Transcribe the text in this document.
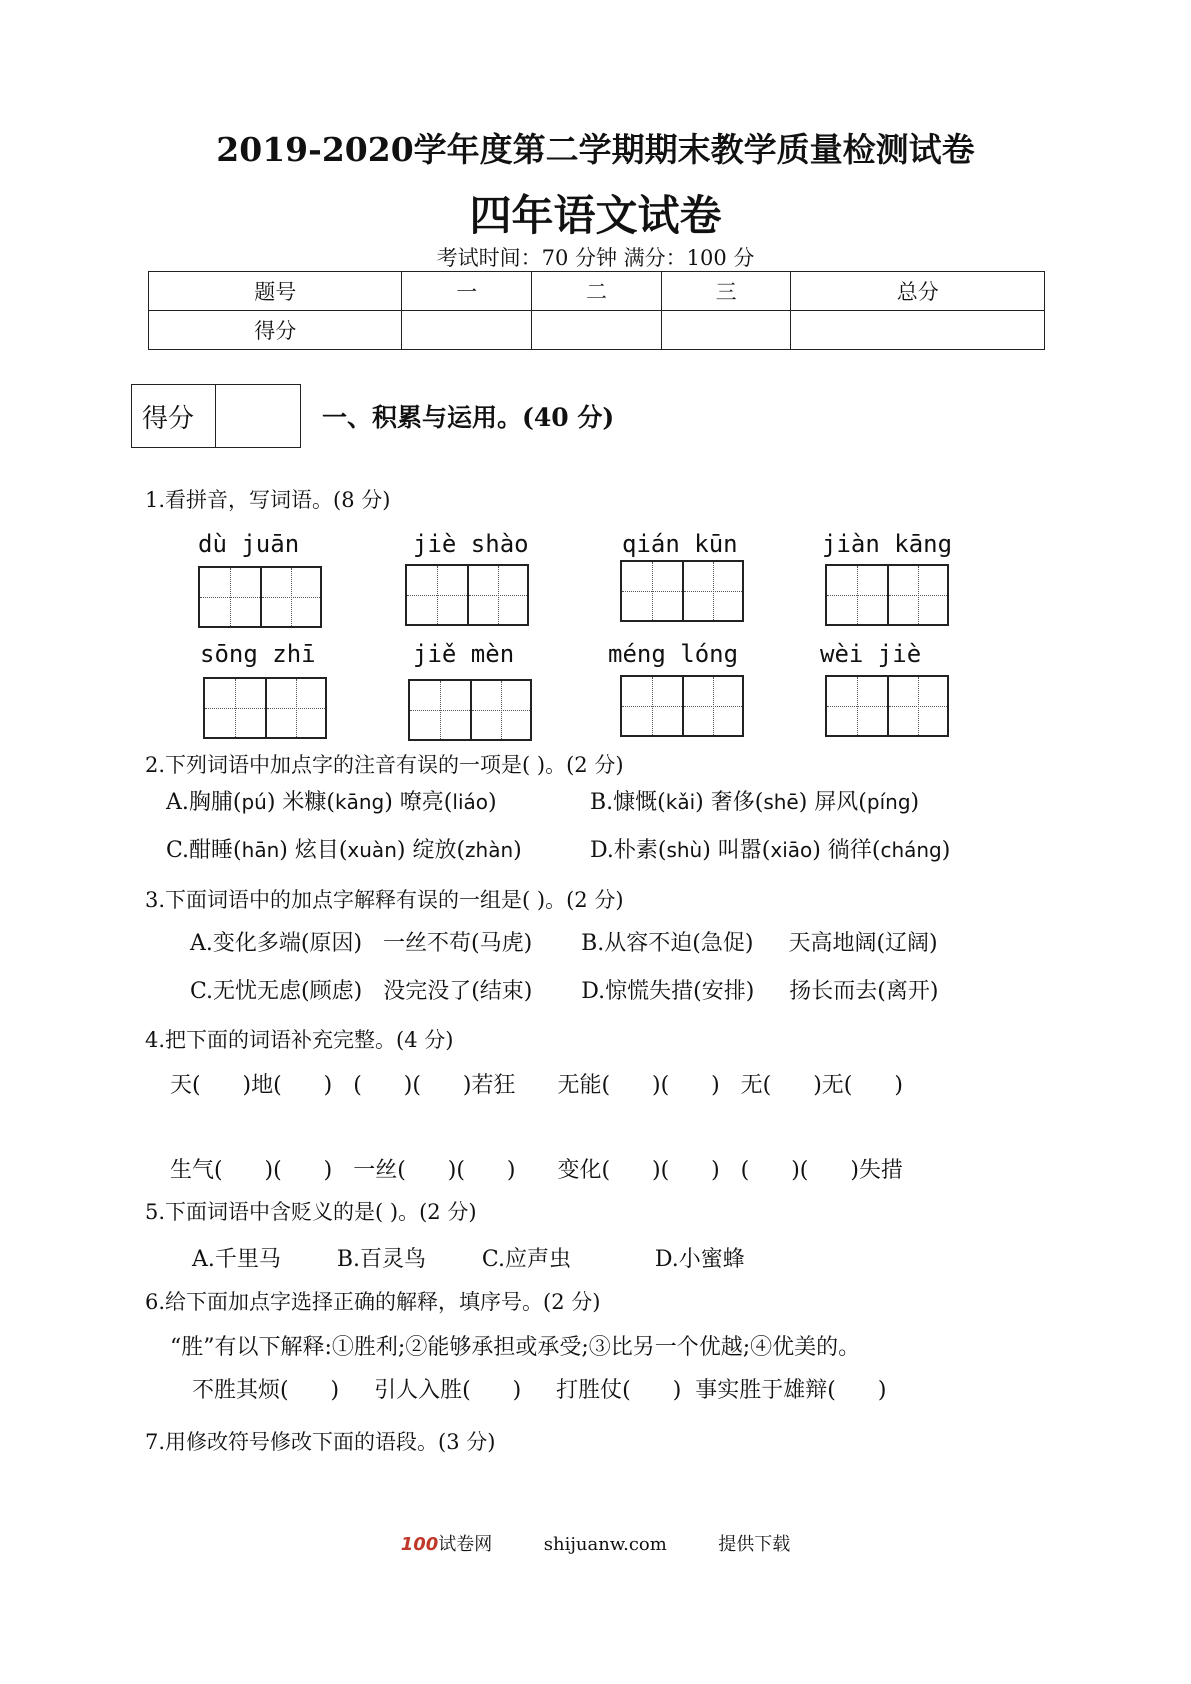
2019-2020学年度第二学期期末教学质量检测试卷
四年语文试卷
考试时间：70 分钟 满分：100 分
题号	一	二	三	总分
得分				
得分	一、积累与运用。(40 分)
1.看拼音，写词语。(8 分)
dù juān	jiè shào	qián kūn	jiàn kāng
sōng zhī	jiě mèn	méng lóng	wèi jiè
2.下列词语中加点字的注音有误的一项是( )。(2 分)
A.胸脯(pú) 米糠(kāng) 嘹亮(liáo)	B.慷慨(kǎi) 奢侈(shē) 屏风(píng)
C.酣睡(hān) 炫目(xuàn) 绽放(zhàn)	D.朴素(shù) 叫嚣(xiāo) 徜徉(cháng)
3.下面词语中的加点字解释有误的一组是( )。(2 分)
A.变化多端(原因)   一丝不苟(马虎)       B.从容不迫(急促)     天高地阔(辽阔)
C.无忧无虑(顾虑)   没完没了(结束)       D.惊慌失措(安排)     扬长而去(离开)
4.把下面的词语补充完整。(4 分)
天(      )地(      )   (      )(      )若狂      无能(      )(      )   无(      )无(      )
生气(      )(      )   一丝(      )(      )      变化(      )(      )   (      )(      )失措
5.下面词语中含贬义的是( )。(2 分)
A.千里马        B.百灵鸟        C.应声虫            D.小蜜蜂
6.给下面加点字选择正确的解释，填序号。(2 分)
“胜”有以下解释:①胜利;②能够承担或承受;③比另一个优越;④优美的。
不胜其烦(      )     引人入胜(      )     打胜仗(      )  事实胜于雄辩(      )
7.用修改符号修改下面的语段。(3 分)
100试卷网	shijuanw.com	提供下载
